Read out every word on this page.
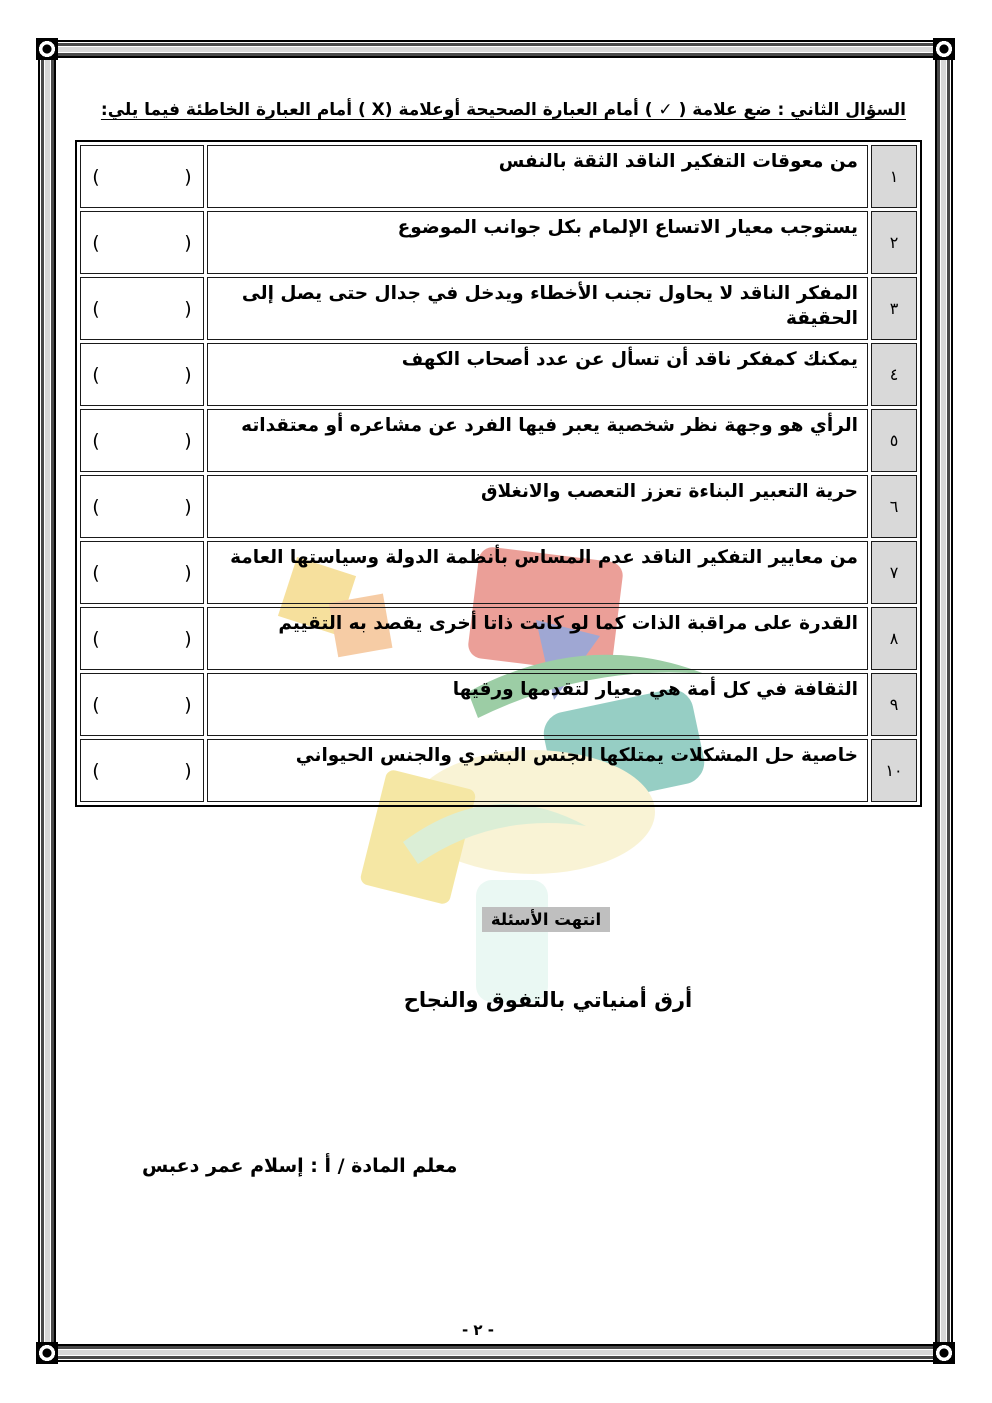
السؤال الثاني : ضع علامة ( ✓ ) أمام العبارة الصحيحة أوعلامة (X ) أمام العبارة الخاطئة فيما يلي:
١	من معوقات التفكير الناقد الثقة بالنفس	(              )
٢	يستوجب معيار الاتساع الإلمام بكل جوانب الموضوع	(              )
٣	المفكر الناقد لا يحاول تجنب الأخطاء ويدخل في جدال حتى يصل إلى الحقيقة	(              )
٤	يمكنك كمفكر ناقد أن تسأل عن عدد أصحاب الكهف	(              )
٥	الرأي هو وجهة نظر شخصية يعبر فيها الفرد عن مشاعره أو معتقداته	(              )
٦	حرية التعبير البناءة تعزز التعصب والانغلاق	(              )
٧	من معايير التفكير الناقد عدم المساس بأنظمة الدولة وسياستها العامة	(              )
٨	القدرة على مراقبة الذات كما لو كانت ذاتا أخرى يقصد به التقييم	(              )
٩	الثقافة في كل أمة هي معيار لتقدمها ورقيها	(              )
١٠	خاصية حل المشكلات يمتلكها الجنس البشري والجنس الحيواني	(              )
انتهت الأسئلة
أرق أمنياتي بالتفوق والنجاح
معلم المادة / أ : إسلام عمر دعبس
- ٢ -
